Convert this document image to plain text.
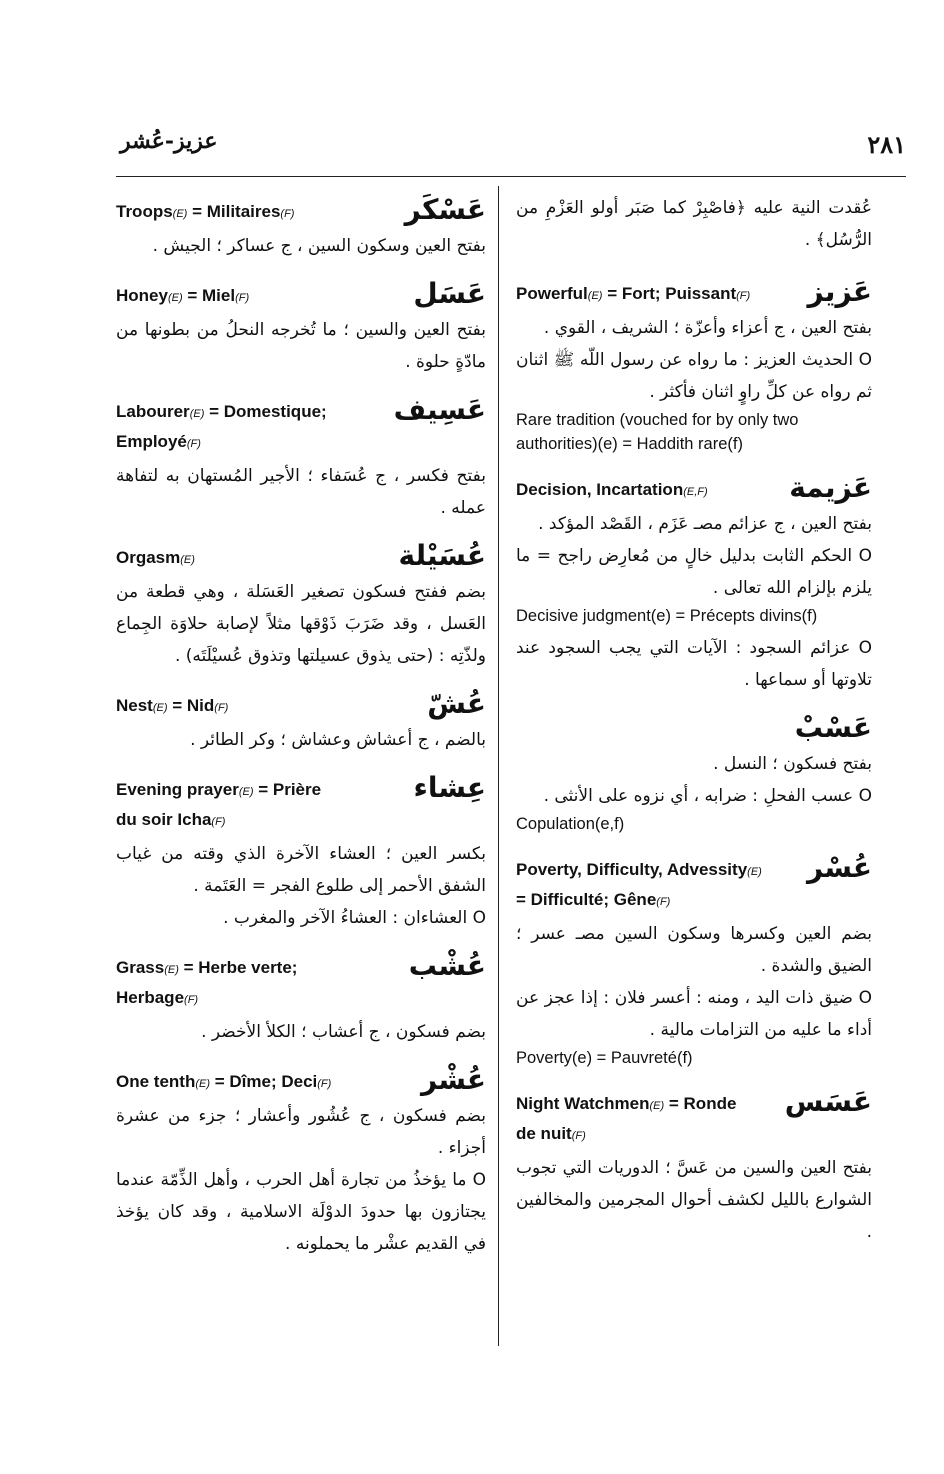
عزيز-عُشر	٢٨١

عُقدت النية عليه ﴿فاصْبِرْ كما صَبَر أولو العَزْمِ من الرُّسُل﴾ .

Powerful(E) = Fort; Puissant(F) عَزيز

بفتح العين ، ج أعزاء وأعزّة ؛ الشريف ، القوي .

O الحديث العزيز : ما رواه عن رسول اللّه ﷺ اثنان ثم رواه عن كلِّ راوٍ اثنان فأكثر .

Rare tradition (vouched for by only two authorities)(e) = Haddith rare(f)

Decision, Incartation(E,F)	عَزيمة

بفتح العين ، ج عزائم مصـ عَزَم ، القَصْد المؤكد .

O الحكم الثابت بدليل خالٍ من مُعارِض راجح = ما يلزم بإلزام الله تعالى .

Decisive judgment(e) = Précepts divins(f)

O عزائم السجود : الآيات التي يجب السجود عند تلاوتها أو سماعها .

عَسْبْ

بفتح فسكون ؛ النسل .

O عسب الفحلِ : ضرابه ، أي نزوه على الأنثى .

Copulation(e,f)

Poverty, Difficulty, Advessity(E) = Difficulté; Gêne(F)
عُسْر

بضم العين وكسرها وسكون السين مصـ عسر ؛ الضيق والشدة .

O ضيق ذات اليد ، ومنه : أعسر فلان : إذا عجز عن أداء ما عليه من التزامات مالية .

Poverty(e) = Pauvreté(f)

Night Watchmen(E) = Ronde de nuit(F)
عَسَس

بفتح العين والسين من عَسَّ ؛ الدوريات التي تجوب الشوارع بالليل لكشف أحوال المجرمين والمخالفين .

Troops(E) = Militaires(F)	عَسْكَر

بفتح العين وسكون السين ، ج عساكر ؛ الجيش .

Honey(E) = Miel(F)	عَسَل

بفتح العين والسين ؛ ما تُخرجه النحلُ من بطونها من مادّةٍ حلوة .

Labourer(E) = Domestique; Employé(F)
عَسِيف

بفتح فكسر ، ج عُسَفاء ؛ الأجير المُستهان به لتفاهة عمله .

Orgasm(E)	عُسَيْلة

بضم ففتح فسكون تصغير العَسَلة ، وهي قطعة من العَسل ، وقد ضَرَبَ ذَوْقها مثلاً لإصابة حلاوَة الجِماع ولذّتِه : (حتى يذوق عسيلتها وتذوق عُسيْلَتَه) .

Nest(E) = Nid(F)	عُشّ

بالضم ، ج أعشاش وعشاش ؛ وكر الطائر .

Evening prayer(E) = Prière du soir Icha(F)
عِشاء

بكسر العين ؛ العشاء الآخرة الذي وقته من غياب الشفق الأحمر إلى طلوع الفجر = العَتَمة .

O العشاءان : العشاءُ الآخر والمغرب .

Grass(E) = Herbe verte; Herbage(F)
عُشْب

بضم فسكون ، ج أعشاب ؛ الكلأ الأخضر .

One tenth(E) = Dîme; Deci(F)	عُشْر

بضم فسكون ، ج عُشُور وأعشار ؛ جزء من عشرة أجزاء .

O ما يؤخذُ من تجارة أهل الحرب ، وأهل الذِّمّة عندما يجتازون بها حدودَ الدوْلَة الاسلامية ، وقد كان يؤخذ في القديم عشْر ما يحملونه .
